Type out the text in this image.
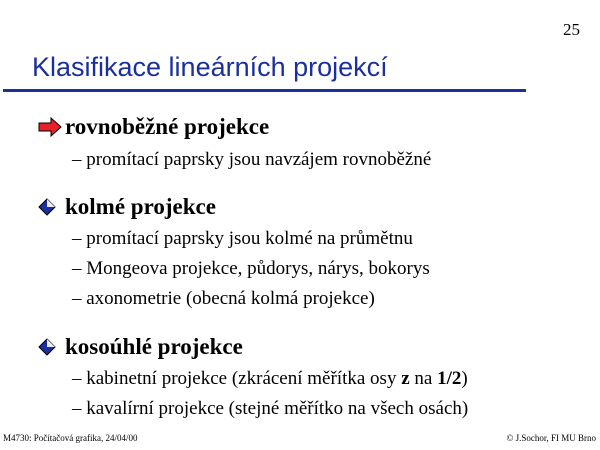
25
Klasifikace lineárních projekcí
rovnoběžné projekce
– promítací paprsky jsou navzájem rovnoběžné
kolmé projekce
– promítací paprsky jsou kolmé na průmětnu
– Mongeova projekce, půdorys, nárys, bokorys
– axonometrie (obecná kolmá projekce)
kosoúhlé projekce
– kabinetní projekce (zkrácení měřítka osy z na 1/2)
– kavalírní projekce (stejné měřítko na všech osách)
M4730: Počítačová grafika, 24/04/00	© J.Sochor, FI MU Brno
